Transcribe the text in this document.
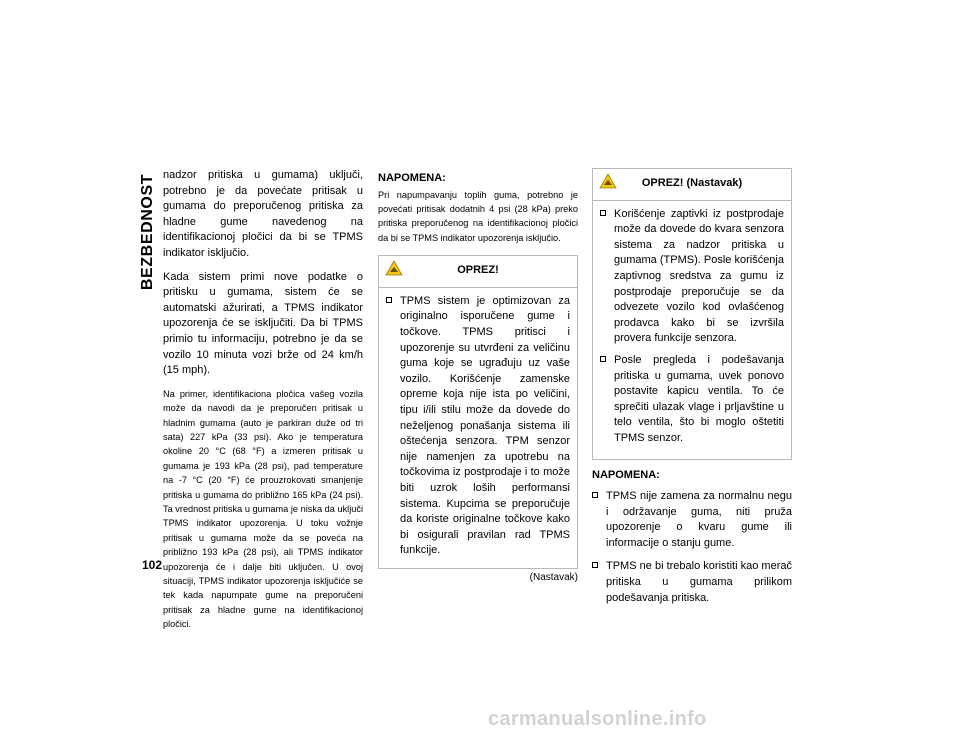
BEZBEDNOST nadzor pritiska u gumama) uključi, potrebno je da povećate pritisak u gumama do preporučenog pritiska za hladne gume navedenog na identifikacionoj pločici da bi se TPMS indikator isključio.

Kada sistem primi nove podatke o pritisku u gumama, sistem će se automatski ažurirati, a TPMS indikator upozorenja će se isključiti. Da bi TPMS primio tu informaciju, potrebno je da se vozilo 10 minuta vozi brže od 24 km/h (15 mph).

Na primer, identifikaciona pločica vašeg vozila može da navodi da je preporučen pritisak u hladnim gumama (auto je parkiran duže od tri sata) 227 kPa (33 psi). Ako je temperatura okoline 20 °C (68 °F) a izmeren pritisak u gumama je 193 kPa (28 psi), pad temperature na -7 °C (20 °F) će prouzrokovati smanjenje pritiska u gumama do približno 165 kPa (24 psi). Ta vrednost pritiska u gumama je niska da uključi TPMS indikator upozorenja. U toku vožnje pritisak u gumama može da se poveća na približno 193 kPa (28 psi), ali TPMS indikator upozorenja će i dalje biti uključen. U ovoj situaciji, TPMS indikator upozorenja isključiće se tek kada napumpate gume na preporučeni pritisak za hladne gume na identifikacionoj pločici.

NAPOMENA:

Pri napumpavanju toplih guma, potrebno je povećati pritisak dodatnih 4 psi (28 kPa) preko pritiska preporučenog na identifikacionoj pločici da bi se TPMS indikator upozorenja isključio.

OPREZ!

TPMS sistem je optimizovan za originalno isporučene gume i točkove. TPMS pritisci i upozorenje su utvrđeni za veličinu guma koje se ugrađuju uz vaše vozilo. Korišćenje zamenske opreme koja nije ista po veličini, tipu i/ili stilu može da dovede do neželjenog ponašanja sistema ili oštećenja senzora. TPM senzor nije namenjen za upotrebu na točkovima iz postprodaje i to može biti uzrok loših performansi sistema. Kupcima se preporučuje da koriste originalne točkove kako bi osigurali pravilan rad TPMS funkcije.

(Nastavak)
OPREZ! (Nastavak)

Korišćenje zaptivki iz postprodaje može da dovede do kvara senzora sistema za nadzor pritiska u gumama (TPMS). Posle korišćenja zaptivnog sredstva za gumu iz postprodaje preporučuje se da odvezete vozilo kod ovlašćenog prodavca kako bi se izvršila provera funkcije senzora.

Posle pregleda i podešavanja pritiska u gumama, uvek ponovo postavite kapicu ventila. To će sprečiti ulazak vlage i prljavštine u telo ventila, što bi moglo oštetiti TPMS senzor.

NAPOMENA:

TPMS nije zamena za normalnu negu i održavanje guma, niti pruža upozorenje o kvaru gume ili informacije o stanju gume.

TPMS ne bi trebalo koristiti kao merač pritiska u gumama prilikom podešavanja pritiska.

102
carmanualsonline.info
